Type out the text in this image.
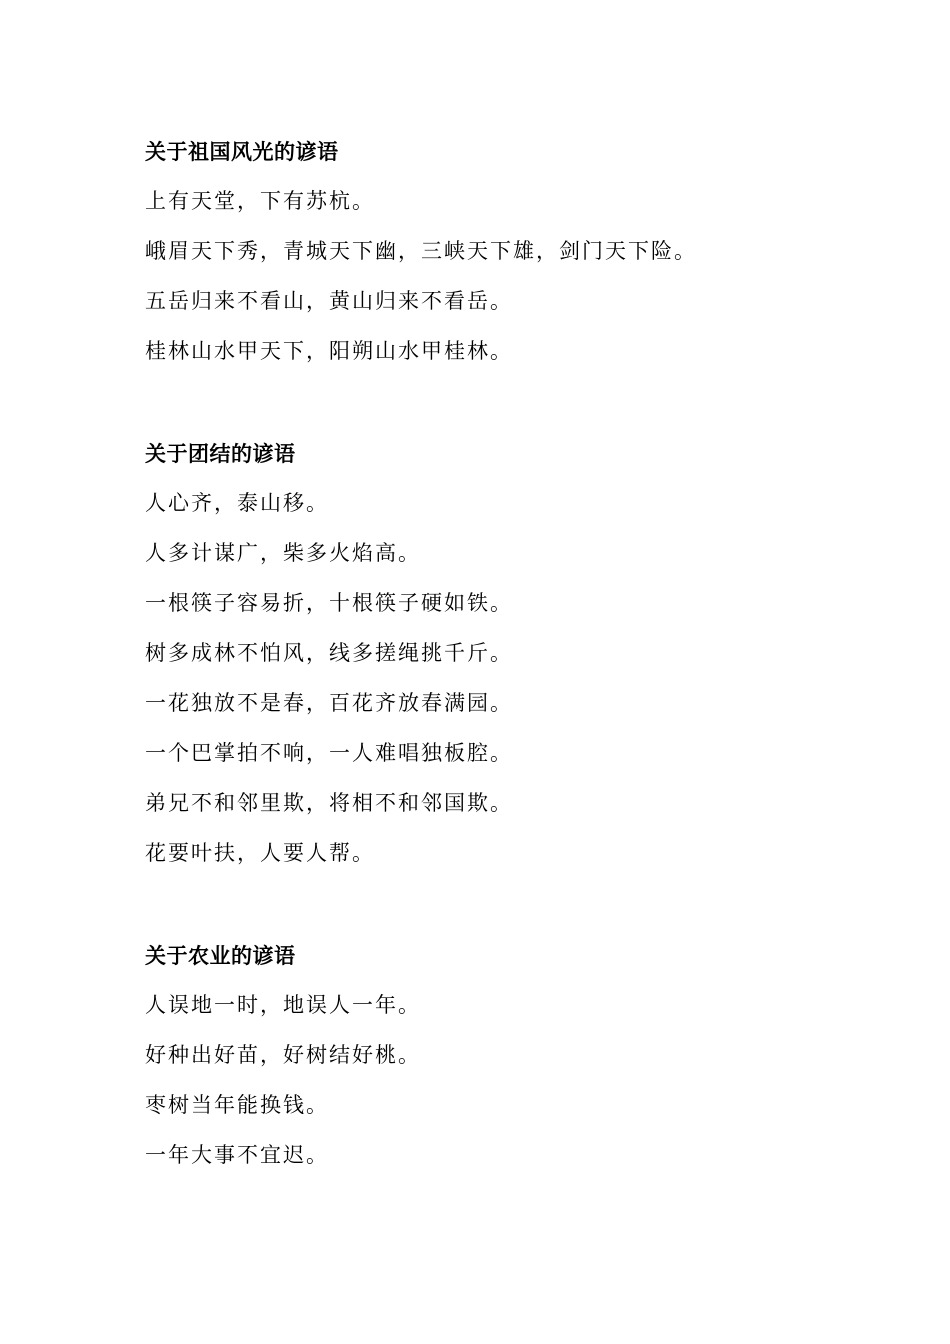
关于祖国风光的谚语
上有天堂，下有苏杭。
峨眉天下秀，青城天下幽，三峡天下雄，剑门天下险。
五岳归来不看山，黄山归来不看岳。
桂林山水甲天下，阳朔山水甲桂林。
关于团结的谚语
人心齐，泰山移。
人多计谋广，柴多火焰高。
一根筷子容易折，十根筷子硬如铁。
树多成林不怕风，线多搓绳挑千斤。
一花独放不是春，百花齐放春满园。
一个巴掌拍不响，一人难唱独板腔。
弟兄不和邻里欺，将相不和邻国欺。
花要叶扶，人要人帮。
关于农业的谚语
人误地一时，地误人一年。
好种出好苗，好树结好桃。
枣树当年能换钱。
一年大事不宜迟。
